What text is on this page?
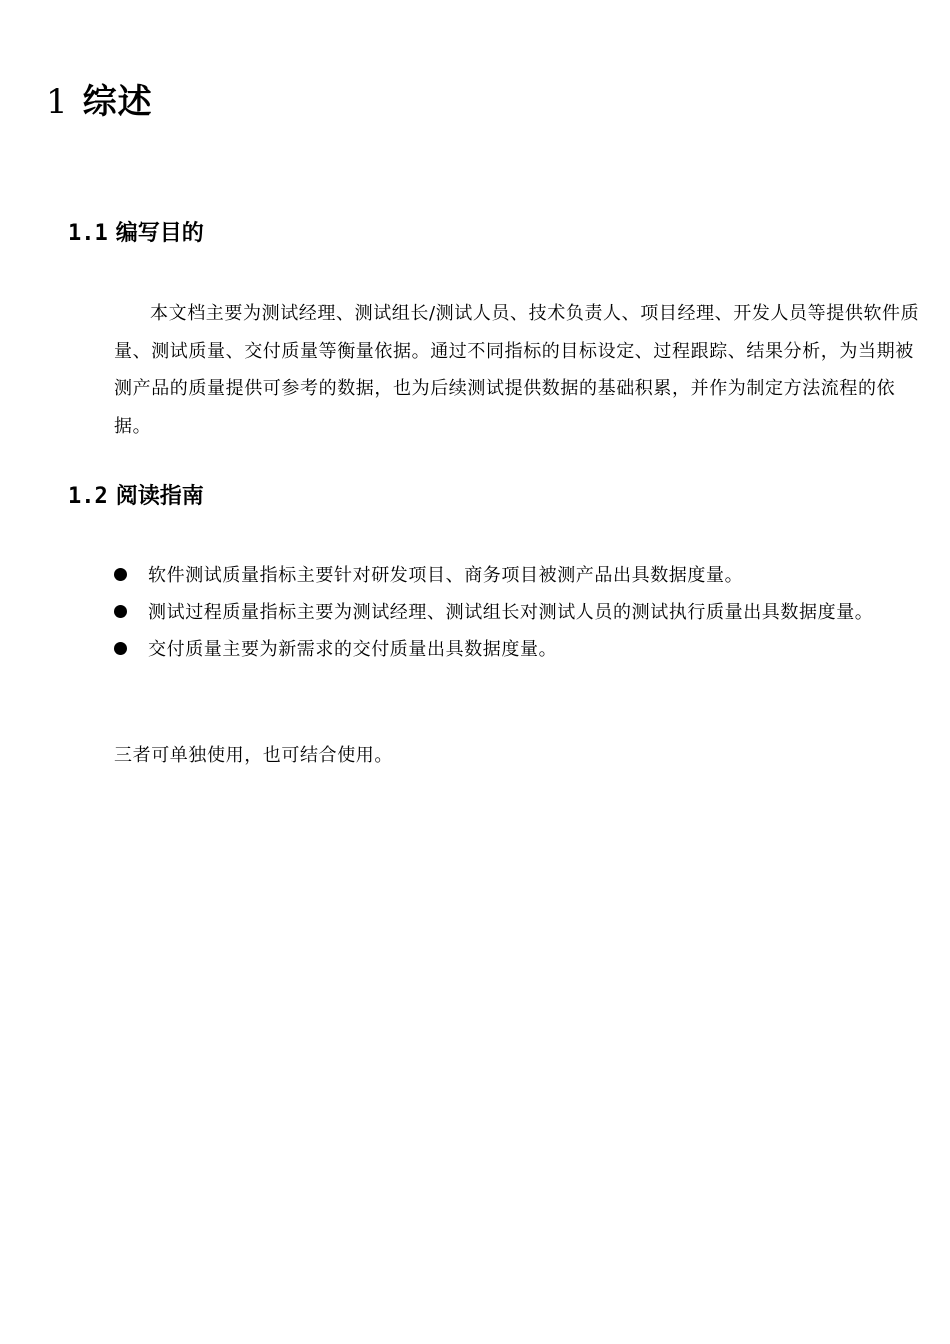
1 综述
1.1 编写目的

本文档主要为测试经理、测试组长/测试人员、技术负责人、项目经理、开发人员等提供软件质量、测试质量、交付质量等衡量依据。通过不同指标的目标设定、过程跟踪、结果分析，为当期被测产品的质量提供可参考的数据，也为后续测试提供数据的基础积累，并作为制定方法流程的依据。

1.2 阅读指南
软件测试质量指标主要针对研发项目、商务项目被测产品出具数据度量。
测试过程质量指标主要为测试经理、测试组长对测试人员的测试执行质量出具数据度量。
交付质量主要为新需求的交付质量出具数据度量。
三者可单独使用，也可结合使用。
